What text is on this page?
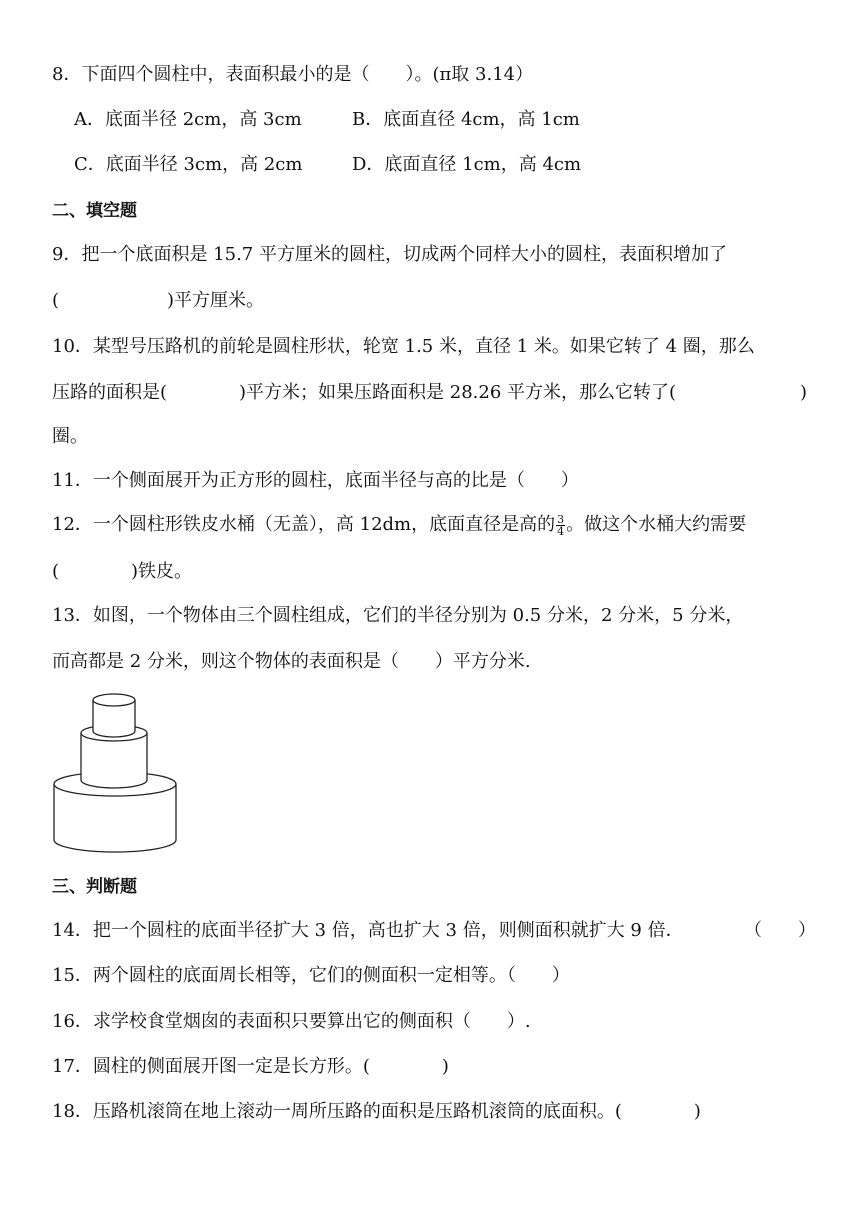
8．下面四个圆柱中，表面积最小的是（　　）。(π取 3.14）
A．底面半径 2cm，高 3cm	B．底面直径 4cm，高 1cm
C．底面半径 3cm，高 2cm	D．底面直径 1cm，高 4cm
二、填空题
9．把一个底面积是 15.7 平方厘米的圆柱，切成两个同样大小的圆柱，表面积增加了
(　　　　　　)平方厘米。
10．某型号压路机的前轮是圆柱形状，轮宽 1.5 米，直径 1 米。如果它转了 4 圈，那么
压路的面积是(　　　　)平方米；如果压路面积是 28.26 平方米，那么它转了(	)
圈。
11．一个侧面展开为正方形的圆柱，底面半径与高的比是（　　）
12．一个圆柱形铁皮水桶（无盖），高 12dm，底面直径是高的 $\frac{3}{4}$ 。做这个水桶大约需要
(　　　　)铁皮。
13．如图，一个物体由三个圆柱组成，它们的半径分别为 0.5 分米，2 分米，5 分米，
而高都是 2 分米，则这个物体的表面积是（　　）平方分米.
三、判断题
14．把一个圆柱的底面半径扩大 3 倍，高也扩大 3 倍，则侧面积就扩大 9 倍．	（　　）
15．两个圆柱的底面周长相等，它们的侧面积一定相等。（　　）
16．求学校食堂烟囱的表面积只要算出它的侧面积（　　）.
17．圆柱的侧面展开图一定是长方形。(　　　　)
18．压路机滚筒在地上滚动一周所压路的面积是压路机滚筒的底面积。(　　　　)
